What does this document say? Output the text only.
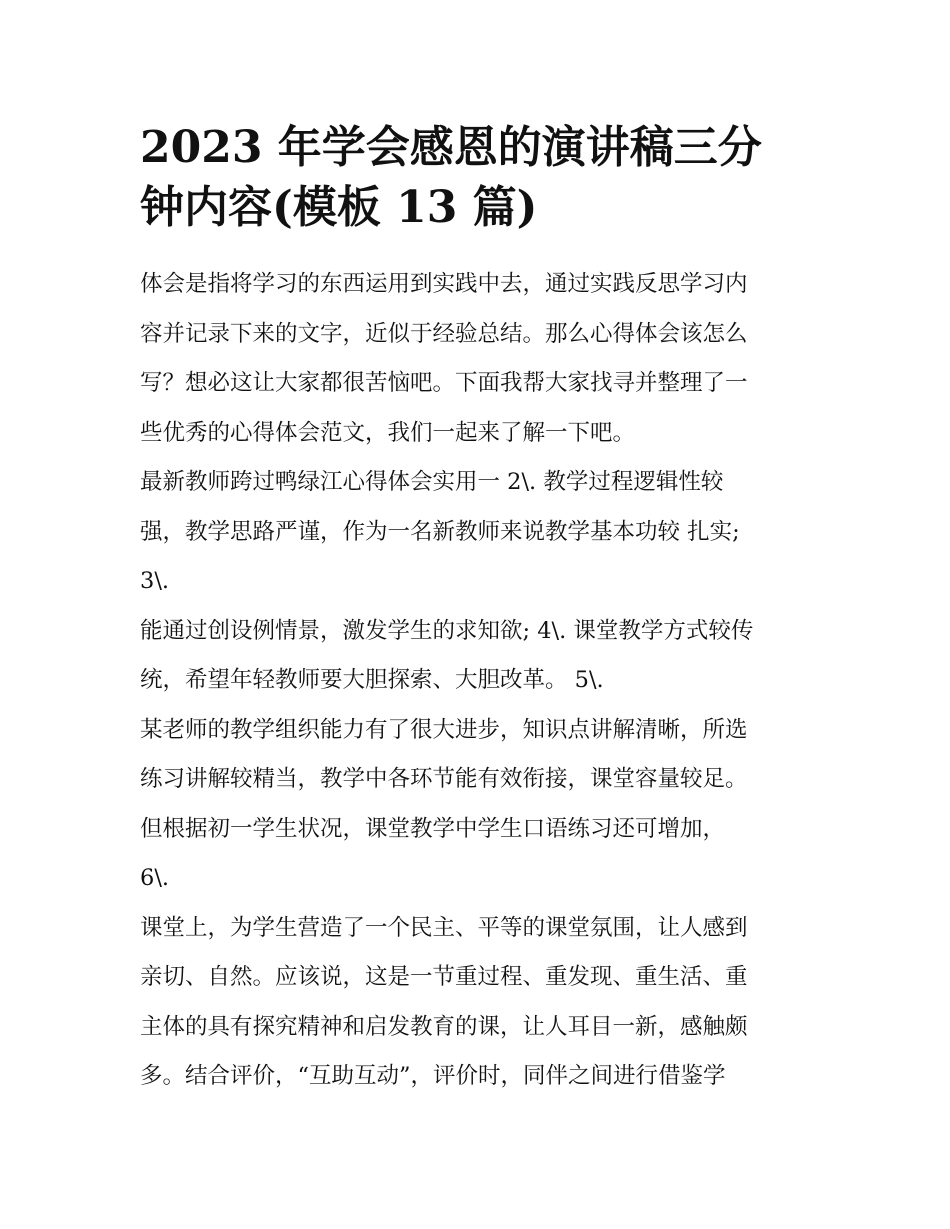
2023 年学会感恩的演讲稿三分
钟内容(模板 13 篇)
体会是指将学习的东西运用到实践中去，通过实践反思学习内
容并记录下来的文字，近似于经验总结。那么心得体会该怎么
写？想必这让大家都很苦恼吧。下面我帮大家找寻并整理了一
些优秀的心得体会范文，我们一起来了解一下吧。
最新教师跨过鸭绿江心得体会实用一 2\. 教学过程逻辑性较
强，教学思路严谨，作为一名新教师来说教学基本功较 扎实;
3\.
能通过创设例情景，激发学生的求知欲; 4\. 课堂教学方式较传
统，希望年轻教师要大胆探索、大胆改革。 5\.
某老师的教学组织能力有了很大进步，知识点讲解清晰，所选
练习讲解较精当，教学中各环节能有效衔接，课堂容量较足。
但根据初一学生状况，课堂教学中学生口语练习还可增加，
6\.
课堂上，为学生营造了一个民主、平等的课堂氛围，让人感到
亲切、自然。应该说，这是一节重过程、重发现、重生活、重
主体的具有探究精神和启发教育的课，让人耳目一新，感触颇
多。结合评价，“互助互动”，评价时，同伴之间进行借鉴学
